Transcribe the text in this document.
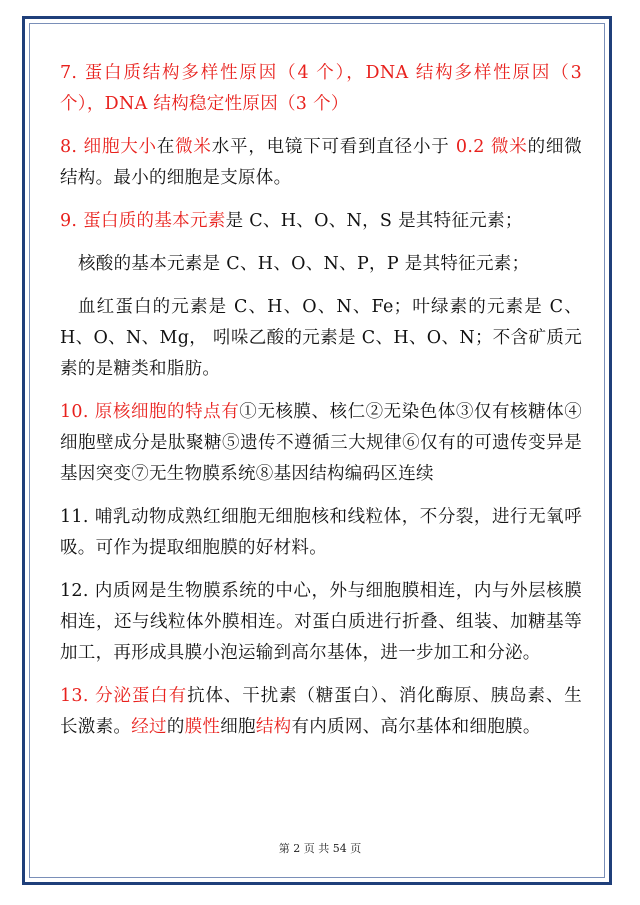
7. 蛋白质结构多样性原因（4 个），DNA 结构多样性原因（3 个），DNA 结构稳定性原因（3 个）

8. 细胞大小在微米水平，电镜下可看到直径小于 0.2 微米的细微结构。最小的细胞是支原体。

9. 蛋白质的基本元素是 C、H、O、N，S 是其特征元素；

核酸的基本元素是 C、H、O、N、P，P 是其特征元素；

血红蛋白的元素是 C、H、O、N、Fe；叶绿素的元素是 C、H、O、N、Mg， 吲哚乙酸的元素是 C、H、O、N；不含矿质元素的是糖类和脂肪。

10. 原核细胞的特点有①无核膜、核仁②无染色体③仅有核糖体④细胞壁成分是肽聚糖⑤遗传不遵循三大规律⑥仅有的可遗传变异是基因突变⑦无生物膜系统⑧基因结构编码区连续

11. 哺乳动物成熟红细胞无细胞核和线粒体，不分裂，进行无氧呼吸。可作为提取细胞膜的好材料。

12. 内质网是生物膜系统的中心，外与细胞膜相连，内与外层核膜相连，还与线粒体外膜相连。对蛋白质进行折叠、组装、加糖基等加工，再形成具膜小泡运输到高尔基体，进一步加工和分泌。

13. 分泌蛋白有抗体、干扰素（糖蛋白）、消化酶原、胰岛素、生长激素。经过的膜性细胞结构有内质网、高尔基体和细胞膜。

第 2 页 共 54 页
